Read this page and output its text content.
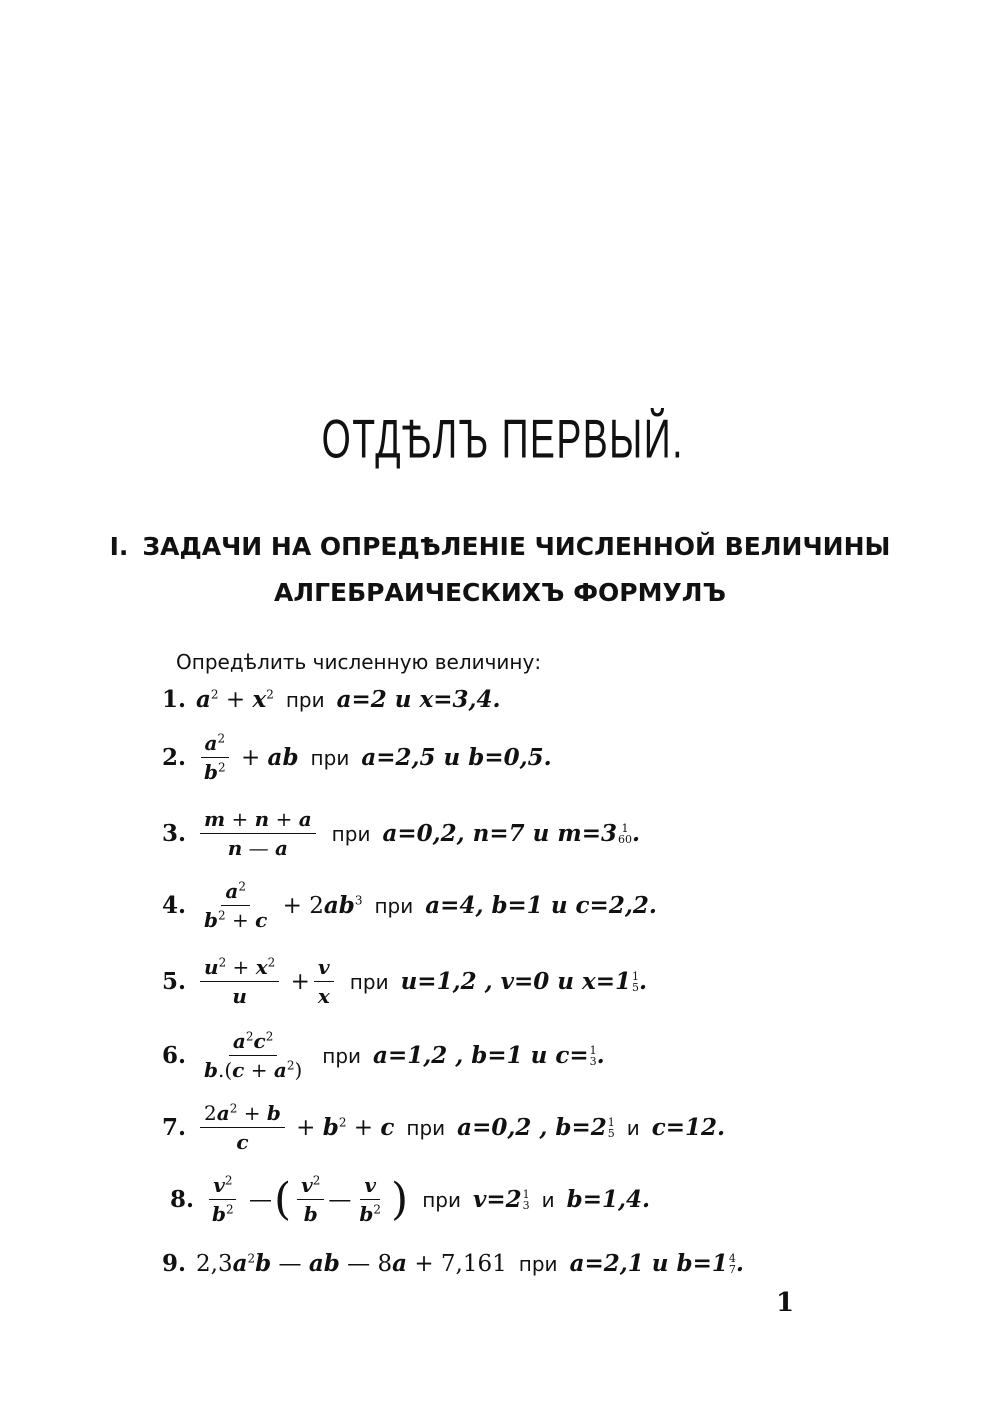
ОТДѢЛЪ ПЕРВЫЙ.
I. ЗАДАЧИ НА ОПРЕДѢЛЕНІЕ ЧИСЛЕННОЙ ВЕЛИЧИНЫ
АЛГЕБРАИЧЕСКИХЪ ФОРМУЛЪ
Опредѣлить численную величину:
1. $a^2 + x^2$ при a=2 и x=3,4.
2. $\frac{a^2}{b^2}$ + ab при a=2,5 и b=0,5.
3. $\frac{m + n + a}{n — a}$ при a=0,2, n=7 и m=3 1
60 .
4. $\frac{a^2}{b^2 + c} + 2ab^3$ при a=4, b=1 и c=2,2.
5. $\frac{u^2 + x^2}{u} + \frac{v}{x}$ при u=1,2 , v=0 и x=1 1
5 .
6. $\frac{a^2c^2}{b.(c + a^2)}$ при a=1,2 , b=1 и c= 1
3 .
7. $\frac{2a^2 + b}{c} + b^2 + c$ при a=0,2 , b=2 1
5 и c=12.
8. $\frac{v^2}{b^2}$ — ( $\frac{v^2}{b}$ — $\frac{v}{b^2}$ ) при v=2 1
3 и b=1,4.
9. $2,3a^2b$ — ab — 8a + 7,161 при a=2,1 и b=1 4
7 .
1
